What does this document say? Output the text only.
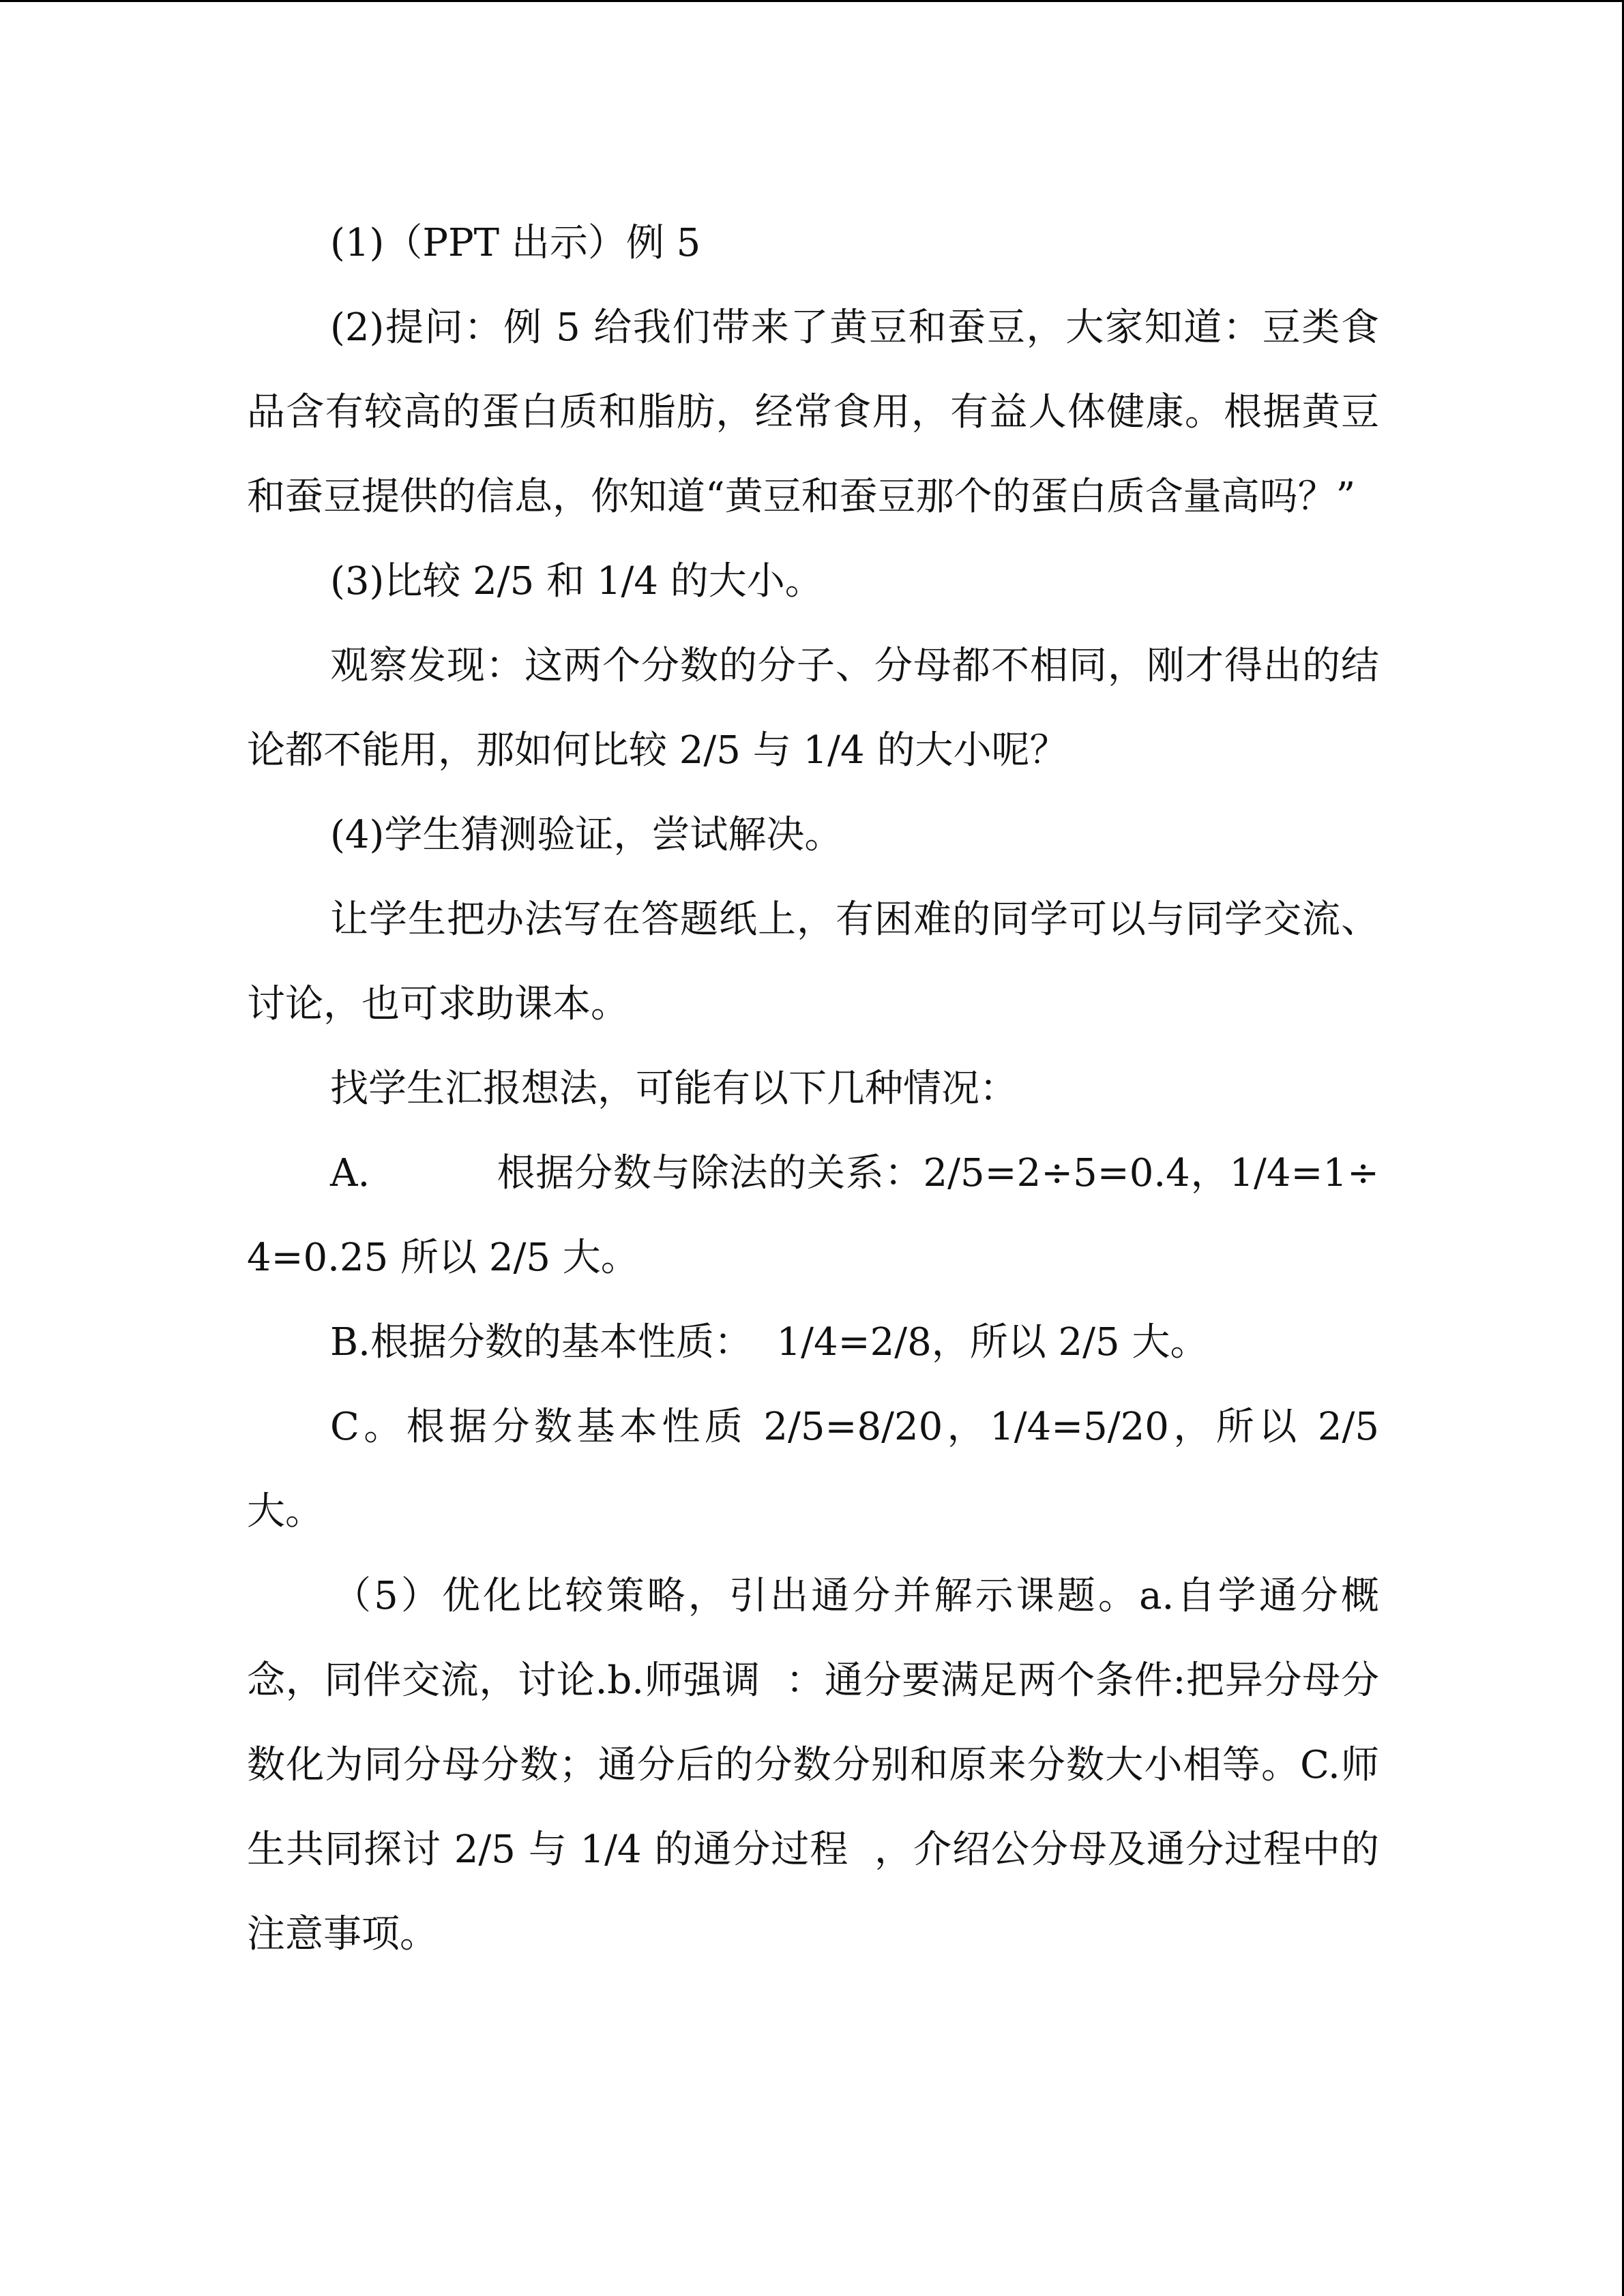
(1)（PPT 出示）例 5

(2)提问：例 5 给我们带来了黄豆和蚕豆，大家知道：豆类食品含有较高的蛋白质和脂肪，经常食用，有益人体健康。根据黄豆和蚕豆提供的信息，你知道“黄豆和蚕豆那个的蛋白质含量高吗？”

(3)比较 2/5 和 1/4 的大小。

观察发现：这两个分数的分子、分母都不相同，刚才得出的结论都不能用，那如何比较 2/5 与 1/4 的大小呢？

(4)学生猜测验证，尝试解决。

让学生把办法写在答题纸上，有困难的同学可以与同学交流、讨论，也可求助课本。

找学生汇报想法，可能有以下几种情况：

A.          根据分数与除法的关系：2/5=2÷5=0.4，1/4=1÷4=0.25 所以 2/5 大。

B.根据分数的基本性质：  1/4=2/8，所以 2/5 大。

C。根据分数基本性质 2/5=8/20，1/4=5/20，所以 2/5 大。

（5）优化比较策略，引出通分并解示课题。a.自学通分概念，同伴交流，讨论.b.师强调  ：通分要满足两个条件:把异分母分数化为同分母分数；通分后的分数分别和原来分数大小相等。C.师生共同探讨 2/5 与 1/4 的通分过程  ，介绍公分母及通分过程中的注意事项。
